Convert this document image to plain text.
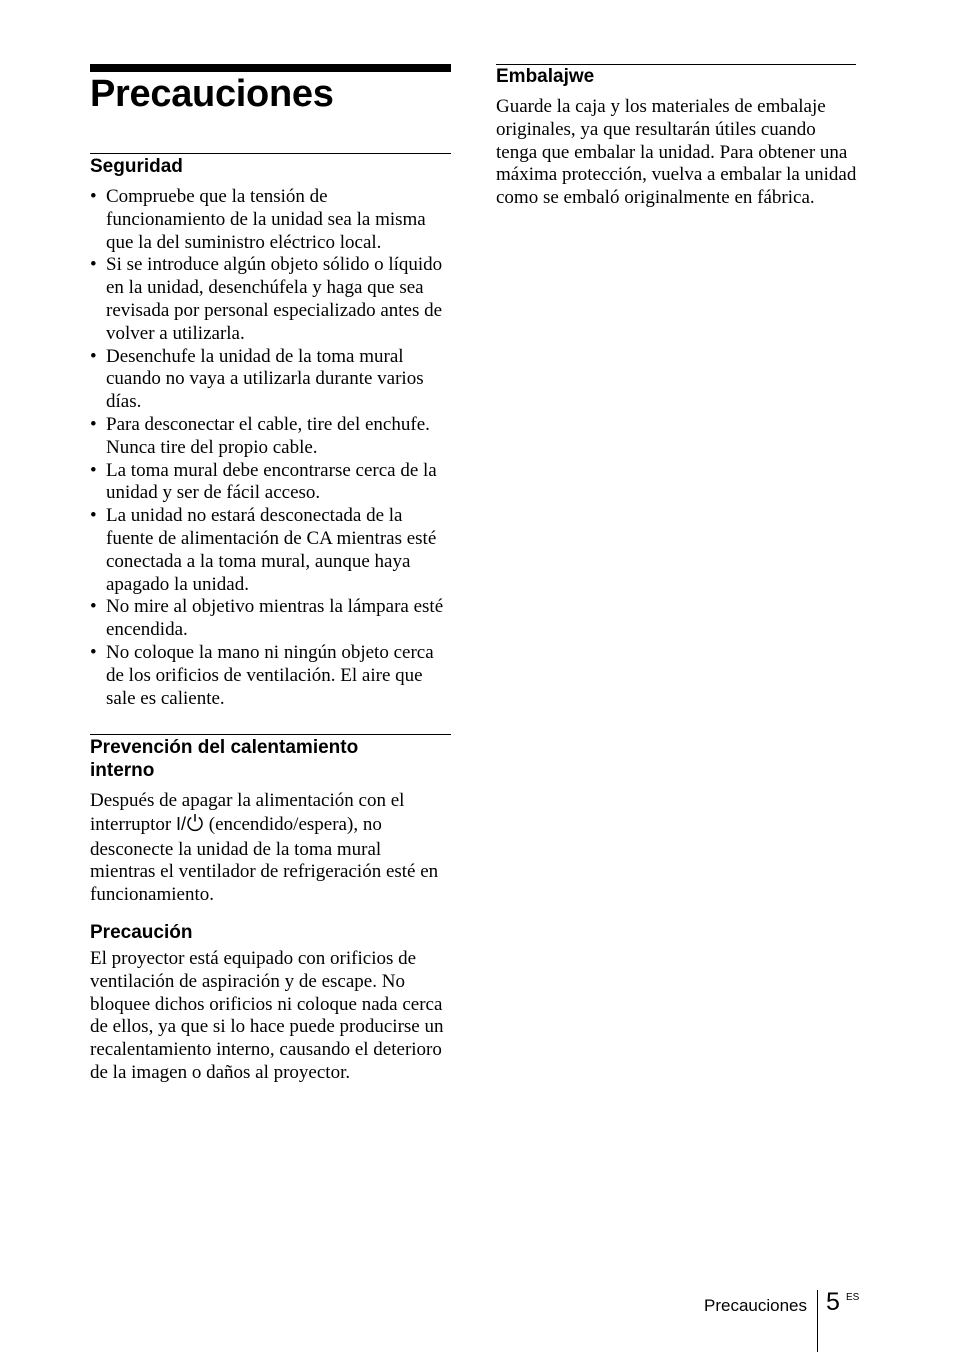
Precauciones
Seguridad
• Compruebe que la tensión de funcionamiento de la unidad sea la misma que la del suministro eléctrico local.
• Si se introduce algún objeto sólido o líquido en la unidad, desenchúfela y haga que sea revisada por personal especializado antes de volver a utilizarla.
• Desenchufe la unidad de la toma mural cuando no vaya a utilizarla durante varios días.
• Para desconectar el cable, tire del enchufe. Nunca tire del propio cable.
• La toma mural debe encontrarse cerca de la unidad y ser de fácil acceso.
• La unidad no estará desconectada de la fuente de alimentación de CA mientras esté conectada a la toma mural, aunque haya apagado la unidad.
• No mire al objetivo mientras la lámpara esté encendida.
• No coloque la mano ni ningún objeto cerca de los orificios de ventilación. El aire que sale es caliente.
Prevención del calentamiento
interno

Después de apagar la alimentación con el interruptor I/ (encendido/espera), no desconecte la unidad de la toma mural mientras el ventilador de refrigeración esté en funcionamiento.

Precaución

El proyector está equipado con orificios de ventilación de aspiración y de escape. No bloquee dichos orificios ni coloque nada cerca de ellos, ya que si lo hace puede producirse un recalentamiento interno, causando el deterioro de la imagen o daños al proyector.

Embalajwe

Guarde la caja y los materiales de embalaje originales, ya que resultarán útiles cuando tenga que embalar la unidad. Para obtener una máxima protección, vuelva a embalar la unidad como se embaló originalmente en fábrica.

Precauciones 5 ES
